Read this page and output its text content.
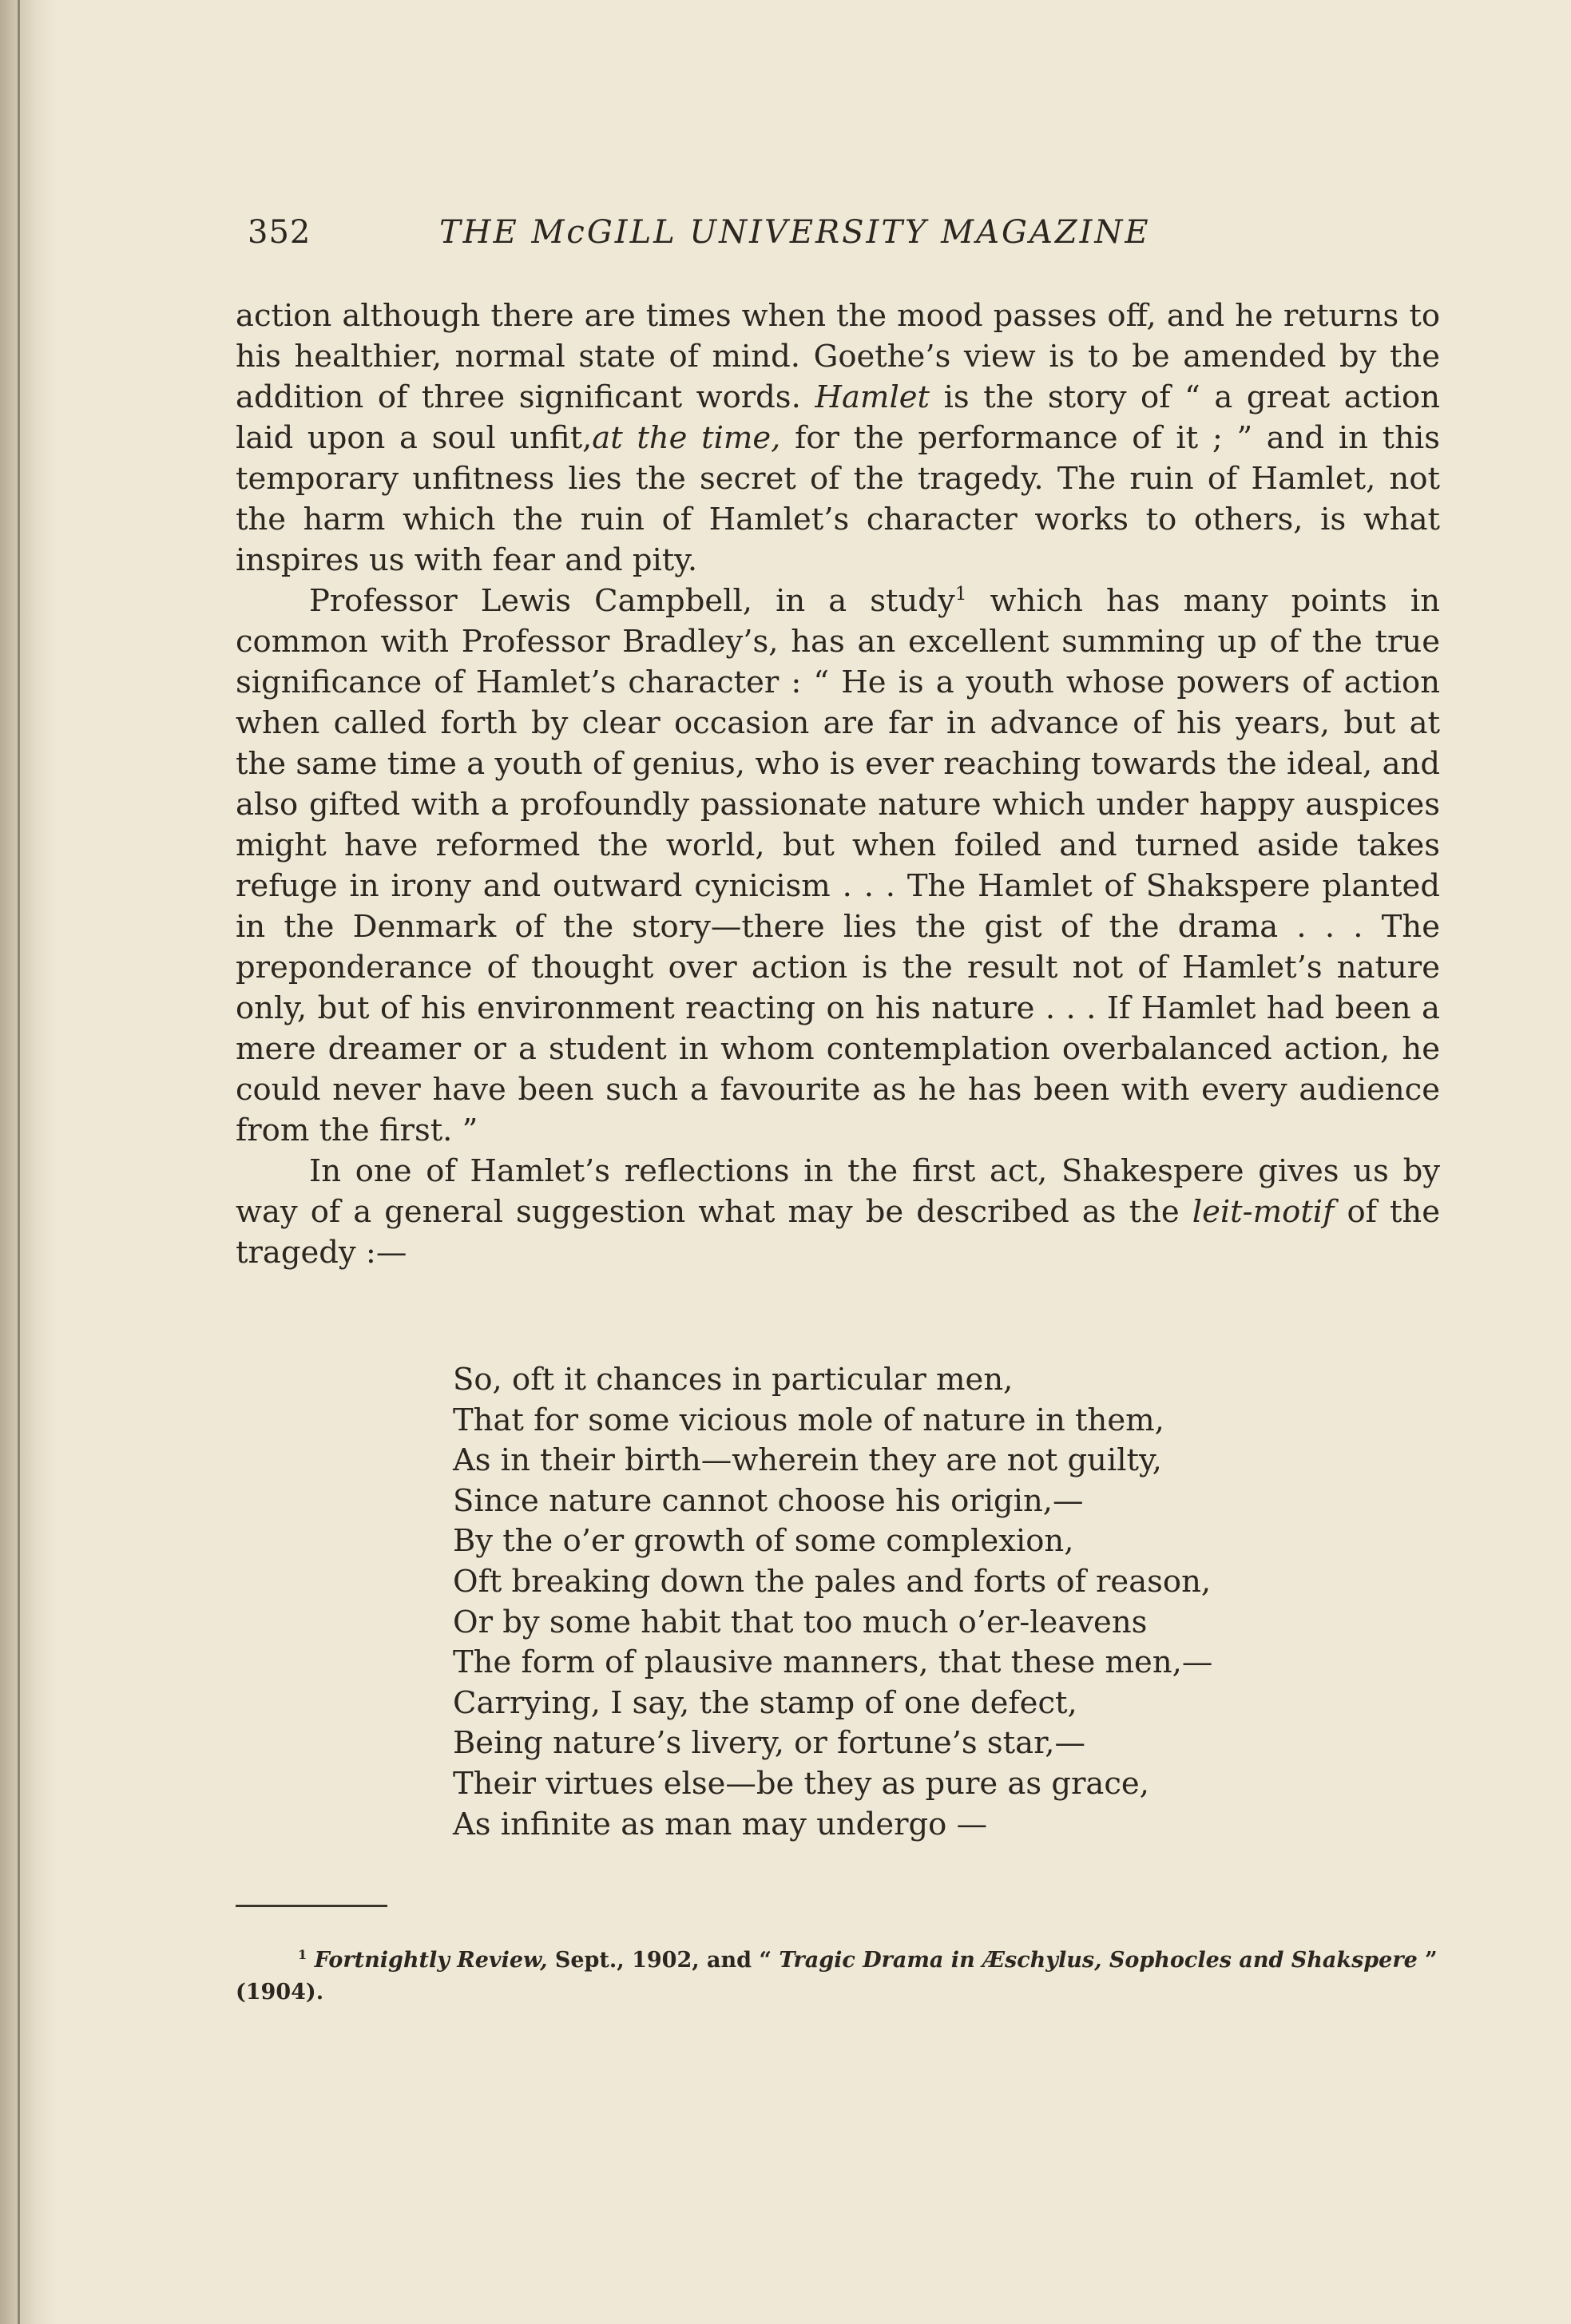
352	THE McGILL UNIVERSITY MAGAZINE

action although there are times when the mood passes off, and he returns to his healthier, normal state of mind. Goethe’s view is to be amended by the addition of three significant words. Hamlet is the story of “ a great action laid upon a soul unfit,at the time, for the performance of it ; ” and in this temporary unfitness lies the secret of the tragedy. The ruin of Hamlet, not the harm which the ruin of Hamlet’s character works to others, is what inspires us with fear and pity.

Professor Lewis Campbell, in a study$^1$ which has many points in common with Professor Bradley’s, has an excellent summing up of the true significance of Hamlet’s character : “ He is a youth whose powers of action when called forth by clear occasion are far in advance of his years, but at the same time a youth of genius, who is ever reaching towards the ideal, and also gifted with a profoundly passionate nature which under happy auspices might have reformed the world, but when foiled and turned aside takes refuge in irony and outward cynicism . . . The Hamlet of Shakspere planted in the Denmark of the story—there lies the gist of the drama . . . The preponderance of thought over action is the result not of Hamlet’s nature only, but of his environment reacting on his nature . . . If Hamlet had been a mere dreamer or a student in whom contemplation overbalanced action, he could never have been such a favourite as he has been with every audience from the first. ”

In one of Hamlet’s reflections in the first act, Shakespere gives us by way of a general suggestion what may be described as the leit-motif of the tragedy :—

So, oft it chances in particular men,
That for some vicious mole of nature in them,
As in their birth—wherein they are not guilty,
Since nature cannot choose his origin,—
By the o’er growth of some complexion,
Oft breaking down the pales and forts of reason,
Or by some habit that too much o’er-leavens
The form of plausive manners, that these men,—
Carrying, I say, the stamp of one defect,
Being nature’s livery, or fortune’s star,—
Their virtues else—be they as pure as grace,
As infinite as man may undergo —
$^1$ Fortnightly Review, Sept., 1902, and “ Tragic Drama in Æschylus, Sophocles and Shakspere ”
(1904).
